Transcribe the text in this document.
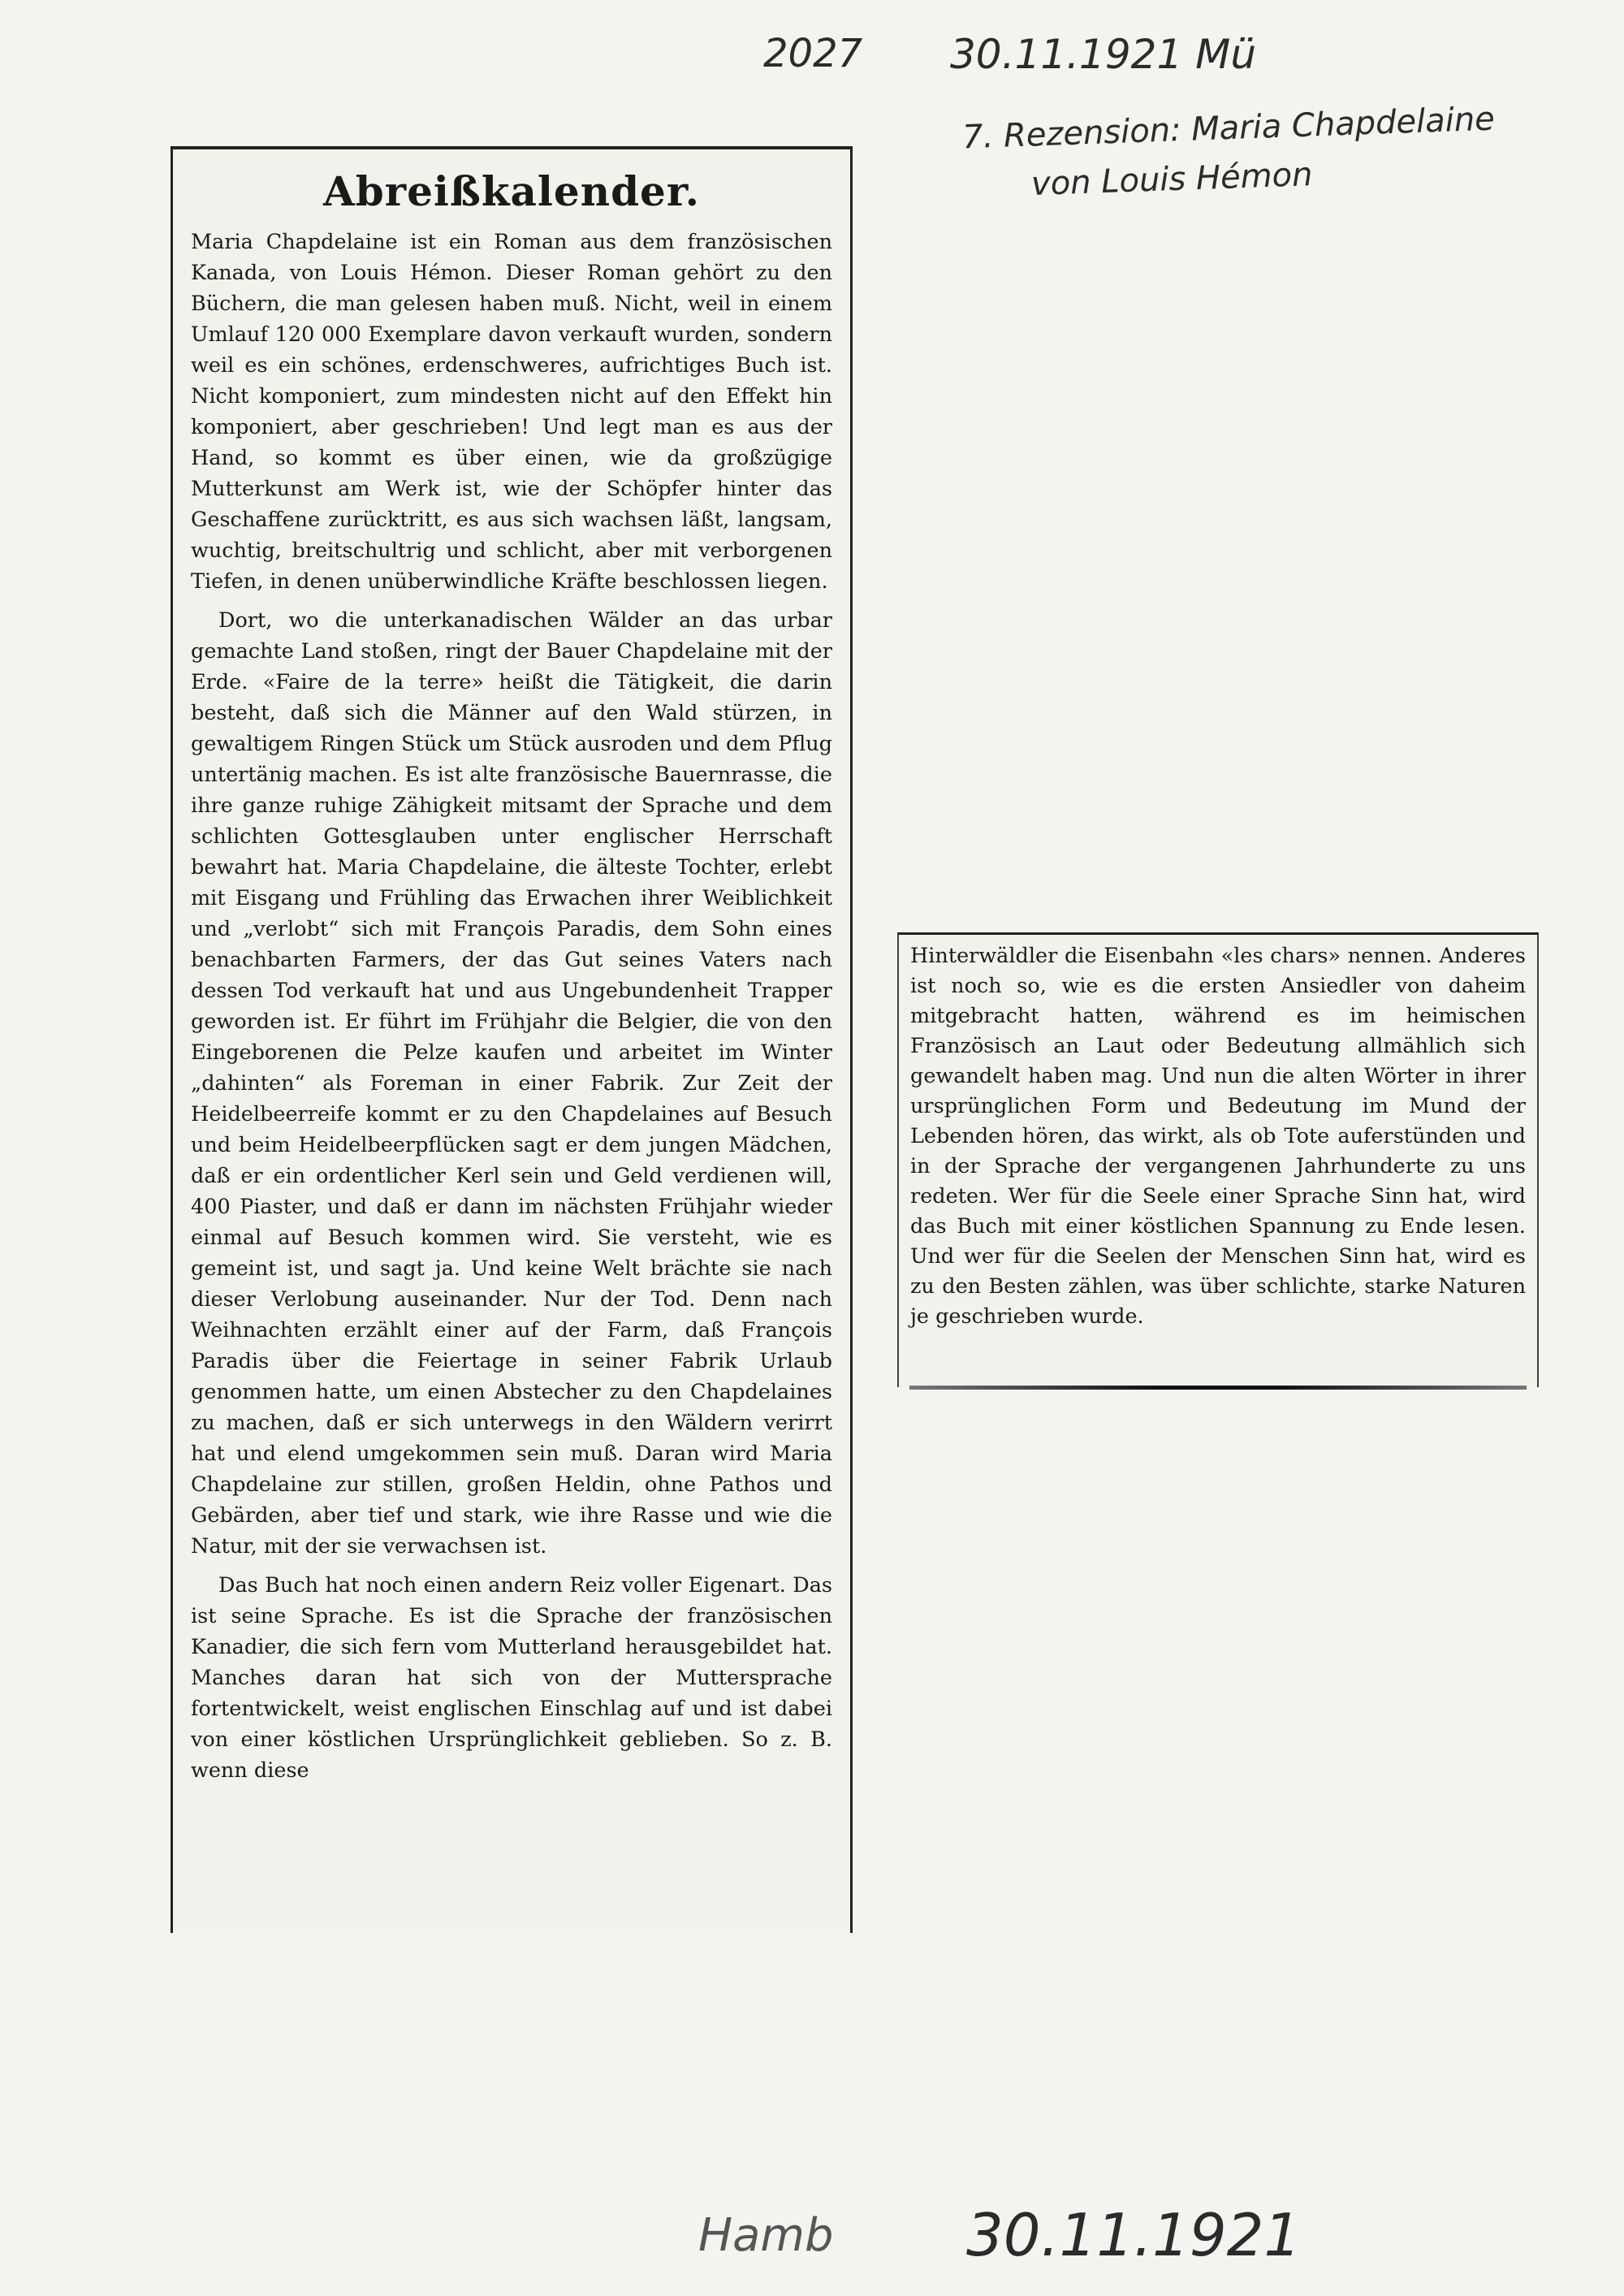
2027 30.11.1921 Mü
7. Rezension: Maria Chapdelaine
von Louis Hémon
Abreißkalender.

Maria Chapdelaine ist ein Roman aus dem französischen Kanada, von Louis Hémon. Dieser Roman gehört zu den Büchern, die man gelesen haben muß. Nicht, weil in einem Umlauf 120 000 Exemplare davon verkauft wurden, sondern weil es ein schönes, erdenschweres, aufrichtiges Buch ist. Nicht komponiert, zum mindesten nicht auf den Effekt hin komponiert, aber geschrieben! Und legt man es aus der Hand, so kommt es über einen, wie da großzügige Mutterkunst am Werk ist, wie der Schöpfer hinter das Geschaffene zurücktritt, es aus sich wachsen läßt, langsam, wuchtig, breitschultrig und schlicht, aber mit verborgenen Tiefen, in denen unüberwindliche Kräfte beschlossen liegen.

Dort, wo die unterkanadischen Wälder an das urbar gemachte Land stoßen, ringt der Bauer Chapdelaine mit der Erde. «Faire de la terre» heißt die Tätigkeit, die darin besteht, daß sich die Männer auf den Wald stürzen, in gewaltigem Ringen Stück um Stück ausroden und dem Pflug untertänig machen. Es ist alte französische Bauernrasse, die ihre ganze ruhige Zähigkeit mitsamt der Sprache und dem schlichten Gottesglauben unter englischer Herrschaft bewahrt hat. Maria Chapdelaine, die älteste Tochter, erlebt mit Eisgang und Frühling das Erwachen ihrer Weiblichkeit und „verlobt“ sich mit François Paradis, dem Sohn eines benachbarten Farmers, der das Gut seines Vaters nach dessen Tod verkauft hat und aus Ungebundenheit Trapper geworden ist. Er führt im Frühjahr die Belgier, die von den Eingeborenen die Pelze kaufen und arbeitet im Winter „dahinten“ als Foreman in einer Fabrik. Zur Zeit der Heidelbeerreife kommt er zu den Chapdelaines auf Besuch und beim Heidelbeerpflücken sagt er dem jungen Mädchen, daß er ein ordentlicher Kerl sein und Geld verdienen will, 400 Piaster, und daß er dann im nächsten Frühjahr wieder einmal auf Besuch kommen wird. Sie versteht, wie es gemeint ist, und sagt ja. Und keine Welt brächte sie nach dieser Verlobung auseinander. Nur der Tod. Denn nach Weihnachten erzählt einer auf der Farm, daß François Paradis über die Feiertage in seiner Fabrik Urlaub genommen hatte, um einen Abstecher zu den Chapdelaines zu machen, daß er sich unterwegs in den Wäldern verirrt hat und elend umgekommen sein muß. Daran wird Maria Chapdelaine zur stillen, großen Heldin, ohne Pathos und Gebärden, aber tief und stark, wie ihre Rasse und wie die Natur, mit der sie verwachsen ist.

Das Buch hat noch einen andern Reiz voller Eigenart. Das ist seine Sprache. Es ist die Sprache der französischen Kanadier, die sich fern vom Mutterland herausgebildet hat. Manches daran hat sich von der Muttersprache fortentwickelt, weist englischen Einschlag auf und ist dabei von einer köstlichen Ursprünglichkeit geblieben. So z. B. wenn diese

Hinterwäldler die Eisenbahn «les chars» nennen. Anderes ist noch so, wie es die ersten Ansiedler von daheim mitgebracht hatten, während es im heimischen Französisch an Laut oder Bedeutung allmählich sich gewandelt haben mag. Und nun die alten Wörter in ihrer ursprünglichen Form und Bedeutung im Mund der Lebenden hören, das wirkt, als ob Tote auferstünden und in der Sprache der vergangenen Jahrhunderte zu uns redeten. Wer für die Seele einer Sprache Sinn hat, wird das Buch mit einer köstlichen Spannung zu Ende lesen. Und wer für die Seelen der Menschen Sinn hat, wird es zu den Besten zählen, was über schlichte, starke Naturen je geschrieben wurde.

Hamb 30.11.1921
